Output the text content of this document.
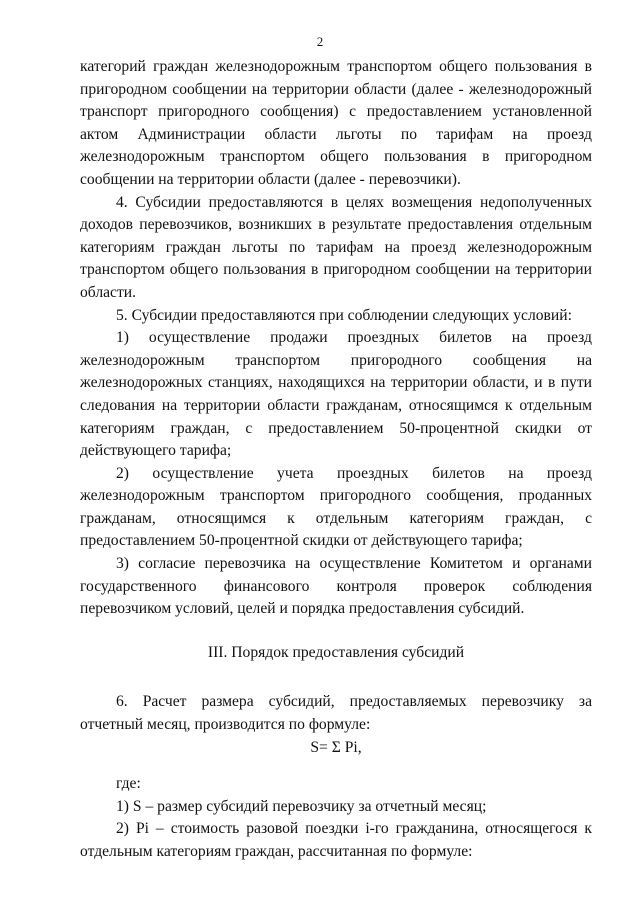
2

категорий граждан железнодорожным транспортом общего пользования в пригородном сообщении на территории области (далее - железнодорожный транспорт пригородного сообщения) с предоставлением установленной актом Администрации области льготы по тарифам на проезд железнодорожным транспортом общего пользования в пригородном сообщении на территории области (далее - перевозчики).

4. Субсидии предоставляются в целях возмещения недополученных доходов перевозчиков, возникших в результате предоставления отдельным категориям граждан льготы по тарифам на проезд железнодорожным транспортом общего пользования в пригородном сообщении на территории области.

5. Субсидии предоставляются при соблюдении следующих условий:

1) осуществление продажи проездных билетов на проезд железнодорожным транспортом пригородного сообщения на железнодорожных станциях, находящихся на территории области, и в пути следования на территории области гражданам, относящимся к отдельным категориям граждан, с предоставлением 50-процентной скидки от действующего тарифа;

2) осуществление учета проездных билетов на проезд железнодорожным транспортом пригородного сообщения, проданных гражданам, относящимся к отдельным категориям граждан, с предоставлением 50-процентной скидки от действующего тарифа;

3) согласие перевозчика на осуществление Комитетом и органами государственного финансового контроля проверок соблюдения перевозчиком условий, целей и порядка предоставления субсидий.

III. Порядок предоставления субсидий

6. Расчет размера субсидий, предоставляемых перевозчику за отчетный месяц, производится по формуле:

S= Σ Pi,

где:

1) S – размер субсидий перевозчику за отчетный месяц;

2) Pi – стоимость разовой поездки i-го гражданина, относящегося к отдельным категориям граждан, рассчитанная по формуле:
